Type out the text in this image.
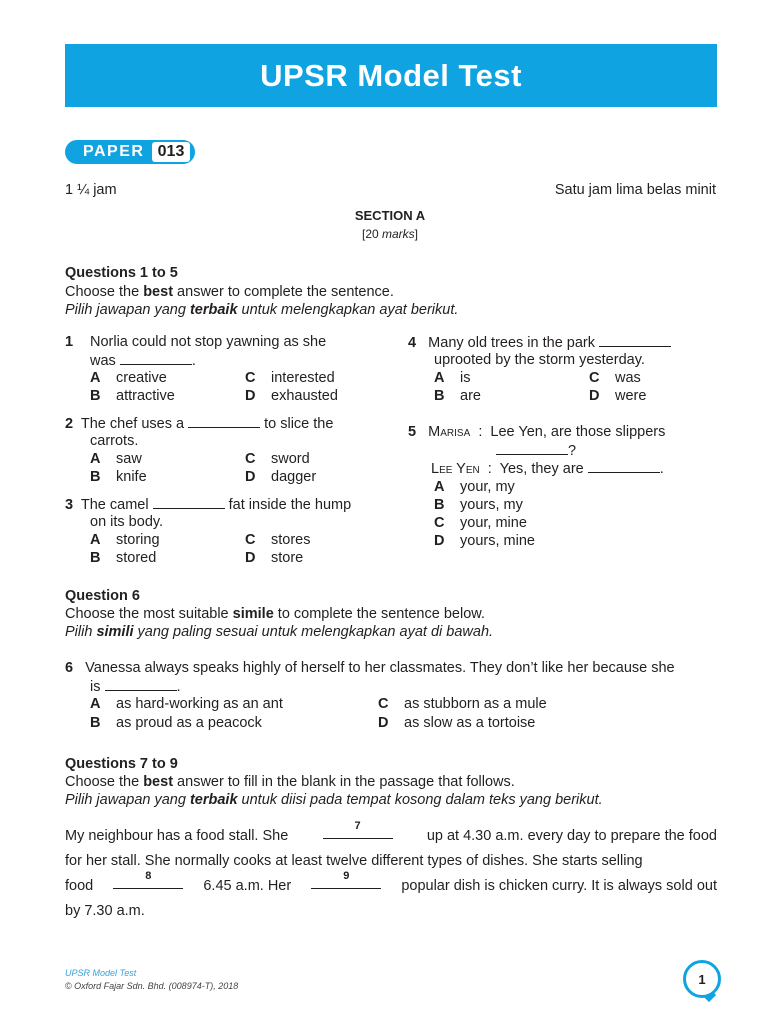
UPSR Model Test
PAPER 013
1 ¼ jam	Satu jam lima belas minit
SECTION A
[20 marks]
Questions 1 to 5
Choose the best answer to complete the sentence.
Pilih jawapan yang terbaik untuk melengkapkan ayat berikut.
1 Norlia could not stop yawning as she
was	.
A creative
B attractive
C interested
D exhausted
2 The chef uses a	to slice the
carrots.
A saw
B knife
C sword
D dagger
3 The camel	fat inside the hump
on its body.
A storing
B stored
C stores
D store
4 Many old trees in the park
uprooted by the storm yesterday.
A is
B are
C was
D were
5 Marisa  :  Lee Yen, are those slippers
?
Lee Yen  :  Yes, they are	.
A your, my
B yours, my
C your, mine
D yours, mine
Question 6
Choose the most suitable simile to complete the sentence below.
Pilih simili yang paling sesuai untuk melengkapkan ayat di bawah.
6 Vanessa always speaks highly of herself to her classmates. They don’t like her because she
is	.
A as hard-working as an ant
B as proud as a peacock
C as stubborn as a mule
D as slow as a tortoise
Questions 7 to 9
Choose the best answer to fill in the blank in the passage that follows.
Pilih jawapan yang terbaik untuk diisi pada tempat kosong dalam teks yang berikut.
My neighbour has a food stall. She
7
up at 4.30 a.m. every day to prepare the food
for her stall. She normally cooks at least twelve different types of dishes. She starts selling
food
8
6.45 a.m. Her
9
popular dish is chicken curry. It is always sold out
by 7.30 a.m.
UPSR Model Test
© Oxford Fajar Sdn. Bhd. (008974-T), 2018	1
